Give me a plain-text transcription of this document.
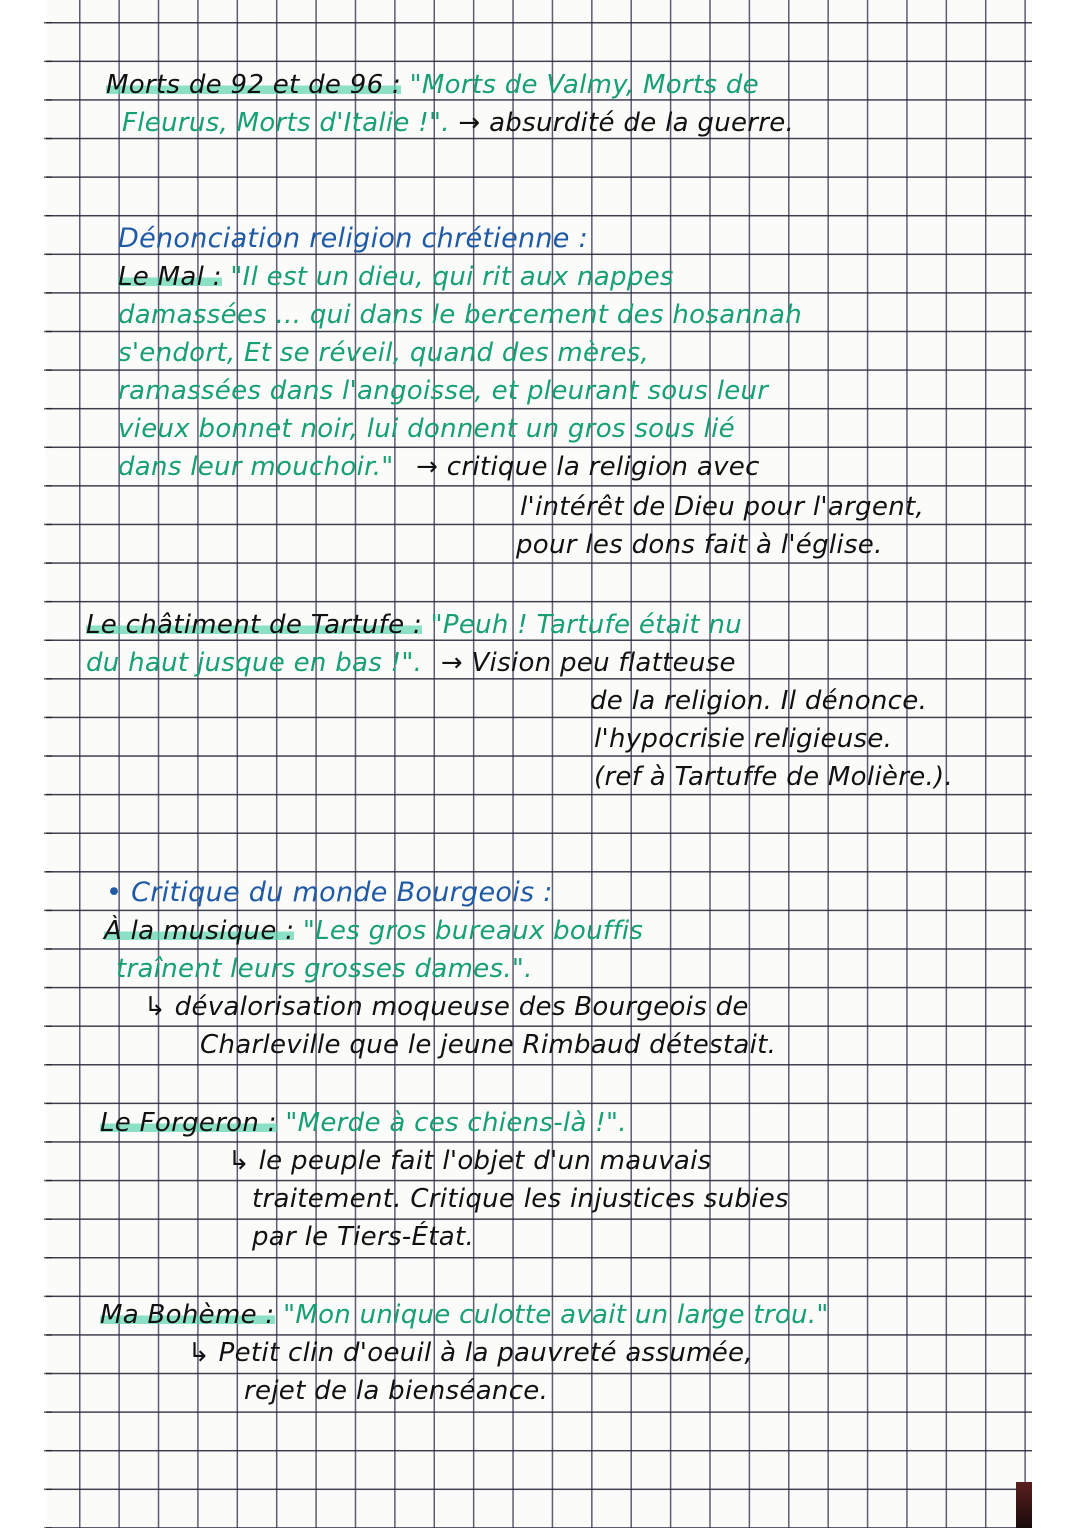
Morts de 92 et de 96 : "Morts de Valmy, Morts de
Fleurus, Morts d'Italie !". → absurdité de la guerre.
Dénonciation religion chrétienne :
Le Mal : "Il est un dieu, qui rit aux nappes
damassées ... qui dans le bercement des hosannah
s'endort, Et se réveil, quand des mères,
ramassées dans l'angoisse, et pleurant sous leur
vieux bonnet noir, lui donnent un gros sous lié
dans leur mouchoir." → critique la religion avec
l'intérêt de Dieu pour l'argent,
pour les dons fait à l'église.
Le châtiment de Tartufe : "Peuh ! Tartufe était nu
du haut jusque en bas !". → Vision peu flatteuse
de la religion. Il dénonce.
l'hypocrisie religieuse.
(ref à Tartuffe de Molière.).
• Critique du monde Bourgeois :
À la musique : "Les gros bureaux bouffis
traînent leurs grosses dames.".
↳ dévalorisation moqueuse des Bourgeois de
Charleville que le jeune Rimbaud détestait.
Le Forgeron : "Merde à ces chiens-là !".
↳ le peuple fait l'objet d'un mauvais
traitement. Critique les injustices subies
par le Tiers-État.
Ma Bohème : "Mon unique culotte avait un large trou."
↳ Petit clin d'oeuil à la pauvreté assumée,
rejet de la bienséance.
